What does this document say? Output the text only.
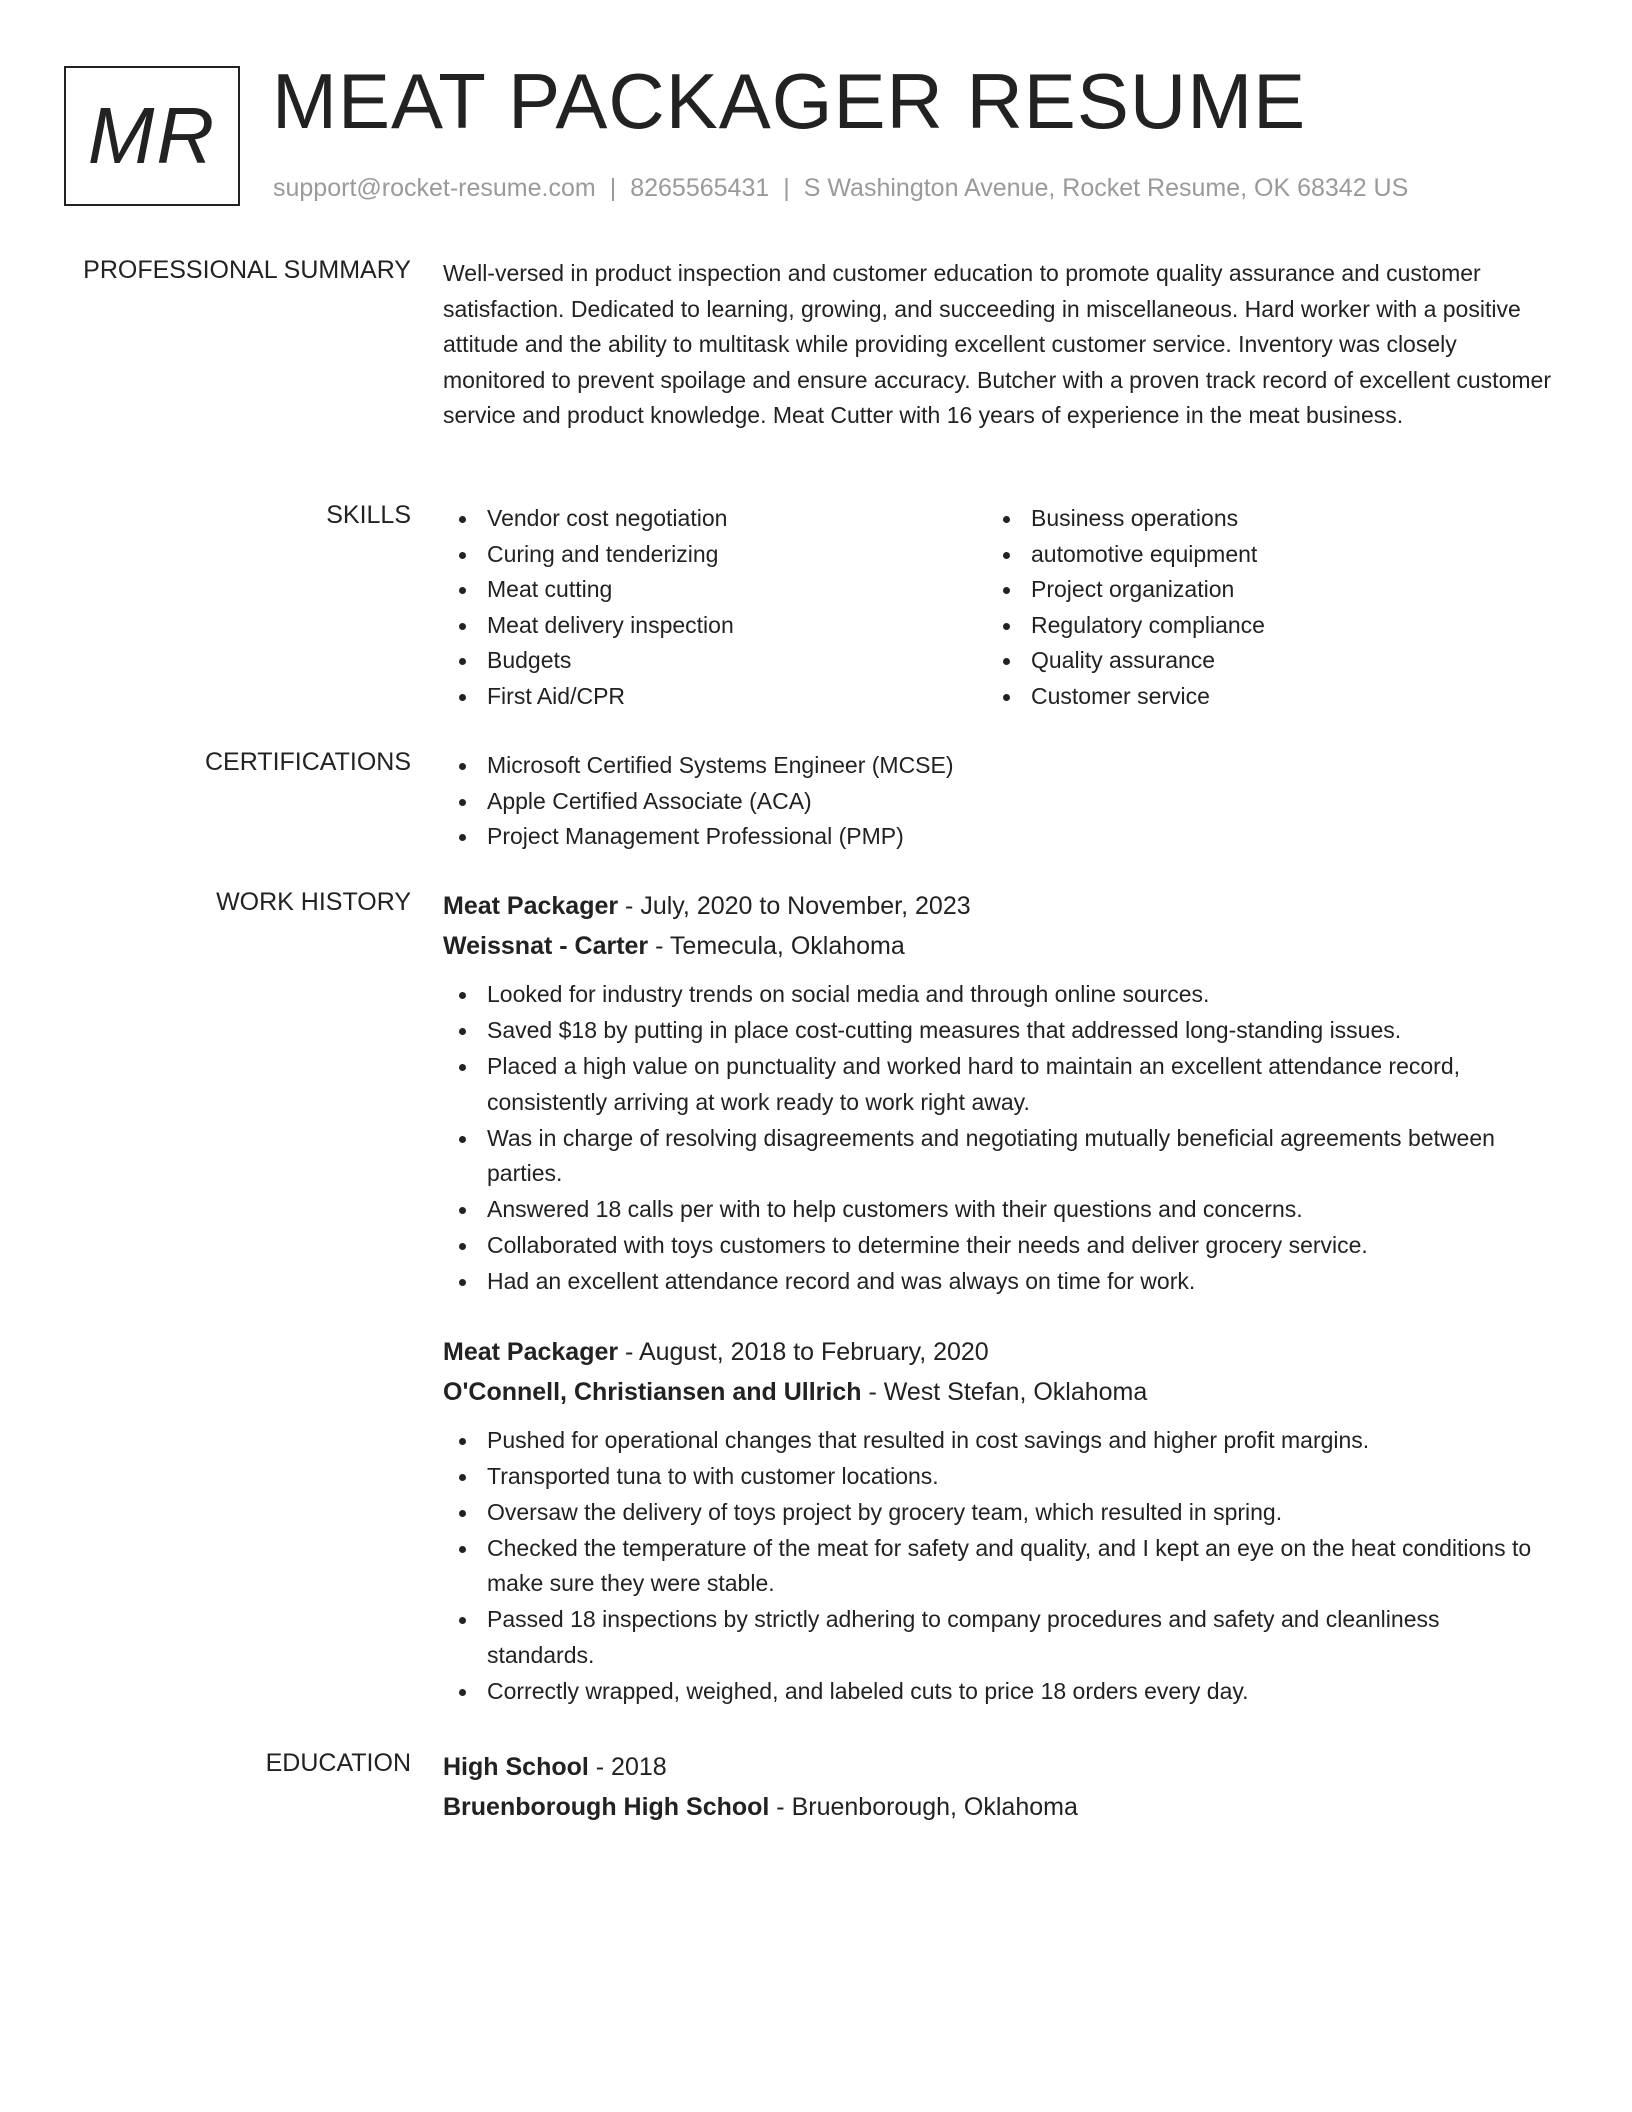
MR MEAT PACKAGER RESUME
support@rocket-resume.com | 8265565431 | S Washington Avenue, Rocket Resume, OK 68342 US
PROFESSIONAL SUMMARY Well-versed in product inspection and customer education to promote quality assurance and customer satisfaction. Dedicated to learning, growing, and succeeding in miscellaneous. Hard worker with a positive attitude and the ability to multitask while providing excellent customer service. Inventory was closely monitored to prevent spoilage and ensure accuracy. Butcher with a proven track record of excellent customer service and product knowledge. Meat Cutter with 16 years of experience in the meat business.

SKILLS	Vendor cost negotiation
Curing and tenderizing
Meat cutting
Meat delivery inspection
Budgets
First Aid/CPR
Business operations
automotive equipment
Project organization
Regulatory compliance
Quality assurance
Customer service
CERTIFICATIONS	Microsoft Certified Systems Engineer (MCSE)
Apple Certified Associate (ACA)
Project Management Professional (PMP)
WORK HISTORY Meat Packager - July, 2020 to November, 2023
Weissnat - Carter - Temecula, Oklahoma
Looked for industry trends on social media and through online sources.
Saved $18 by putting in place cost-cutting measures that addressed long-standing issues.
Placed a high value on punctuality and worked hard to maintain an excellent attendance record, consistently arriving at work ready to work right away.
Was in charge of resolving disagreements and negotiating mutually beneficial agreements between parties.
Answered 18 calls per with to help customers with their questions and concerns.
Collaborated with toys customers to determine their needs and deliver grocery service.
Had an excellent attendance record and was always on time for work.
Meat Packager - August, 2018 to February, 2020
O'Connell, Christiansen and Ullrich - West Stefan, Oklahoma
Pushed for operational changes that resulted in cost savings and higher profit margins.
Transported tuna to with customer locations.
Oversaw the delivery of toys project by grocery team, which resulted in spring.
Checked the temperature of the meat for safety and quality, and I kept an eye on the heat conditions to make sure they were stable.
Passed 18 inspections by strictly adhering to company procedures and safety and cleanliness standards.
Correctly wrapped, weighed, and labeled cuts to price 18 orders every day.
EDUCATION High School - 2018
Bruenborough High School - Bruenborough, Oklahoma
